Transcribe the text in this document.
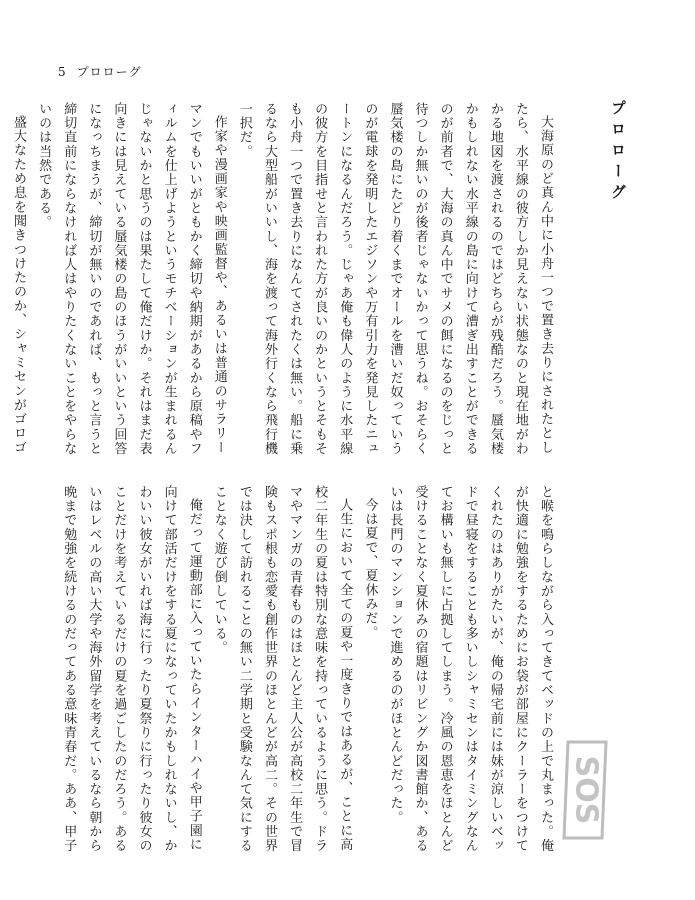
5 プロローグ
プロローグ

大海原のど真ん中に小舟一つで置き去りにされたとしたら、水平線の彼方しか見えない状態なのと現在地がわかる地図を渡されるのではどちらが残酷だろう。蜃気楼かもしれない水平線の島に向けて漕ぎ出すことができるのが前者で、大海の真ん中でサメの餌になるのをじっと待つしか無いのが後者じゃないかって思うね。おそらく蜃気楼の島にたどり着くまでオールを漕いだ奴っていうのが電球を発明したエジソンや万有引力を発見したニュートンになるんだろう。じゃあ俺も偉人のように水平線の彼方を目指せと言われた方が良いのかというとそもそも小舟一つで置き去りになんてされたくは無い。船に乗るなら大型船がいいし、海を渡って海外行くなら飛行機一択だ。

作家や漫画家や映画監督や、あるいは普通のサラリーマンでもいいがともかく締切や納期があるから原稿やフィルムを仕上げようというモチベーションが生まれるんじゃないかと思うのは果たして俺だけか。それはまだ表向きには見えている蜃気楼の島のほうがいいという回答になっちまうが、締切が無いのであれば、もっと言うと締切直前にならなければ人はやりたくないことをやらないのは当然である。

盛大なため息を聞きつけたのか、シャミセンがゴロゴ

と喉を鳴らしながら入ってきてベッドの上で丸まった。俺が快適に勉強をするためにお袋が部屋にクーラーをつけてくれたのはありがたいが、俺の帰宅前には妹が涼しいベッドで昼寝をすることも多いしシャミセンはタイミングなんてお構いも無しに占拠してしまう。冷風の恩恵をほとんど受けることなく夏休みの宿題はリビングか図書館か、あるいは長門のマンションで進めるのがほとんどだった。

今は夏で、夏休みだ。

人生において全ての夏や一度きりではあるが、ことに高校二年生の夏は特別な意味を持っているように思う。ドラマやマンガの青春ものはほとんど主人公が高校二年生で冒険もスポ根も恋愛も創作世界のほとんどが高二。その世界では決して訪れることの無い二学期と受験なんて気にすることなく遊び倒している。

俺だって運動部に入っていたらインターハイや甲子園に向けて部活だけをする夏になっていたかもしれないし、かわいい彼女がいれば海に行ったり夏祭りに行ったり彼女のことだけを考えているだけの夏を過ごしたのだろう。あるいはレベルの高い大学や海外留学を考えているなら朝から晩まで勉強を続けるのだってある意味青春だ。ああ、甲子	SOS
